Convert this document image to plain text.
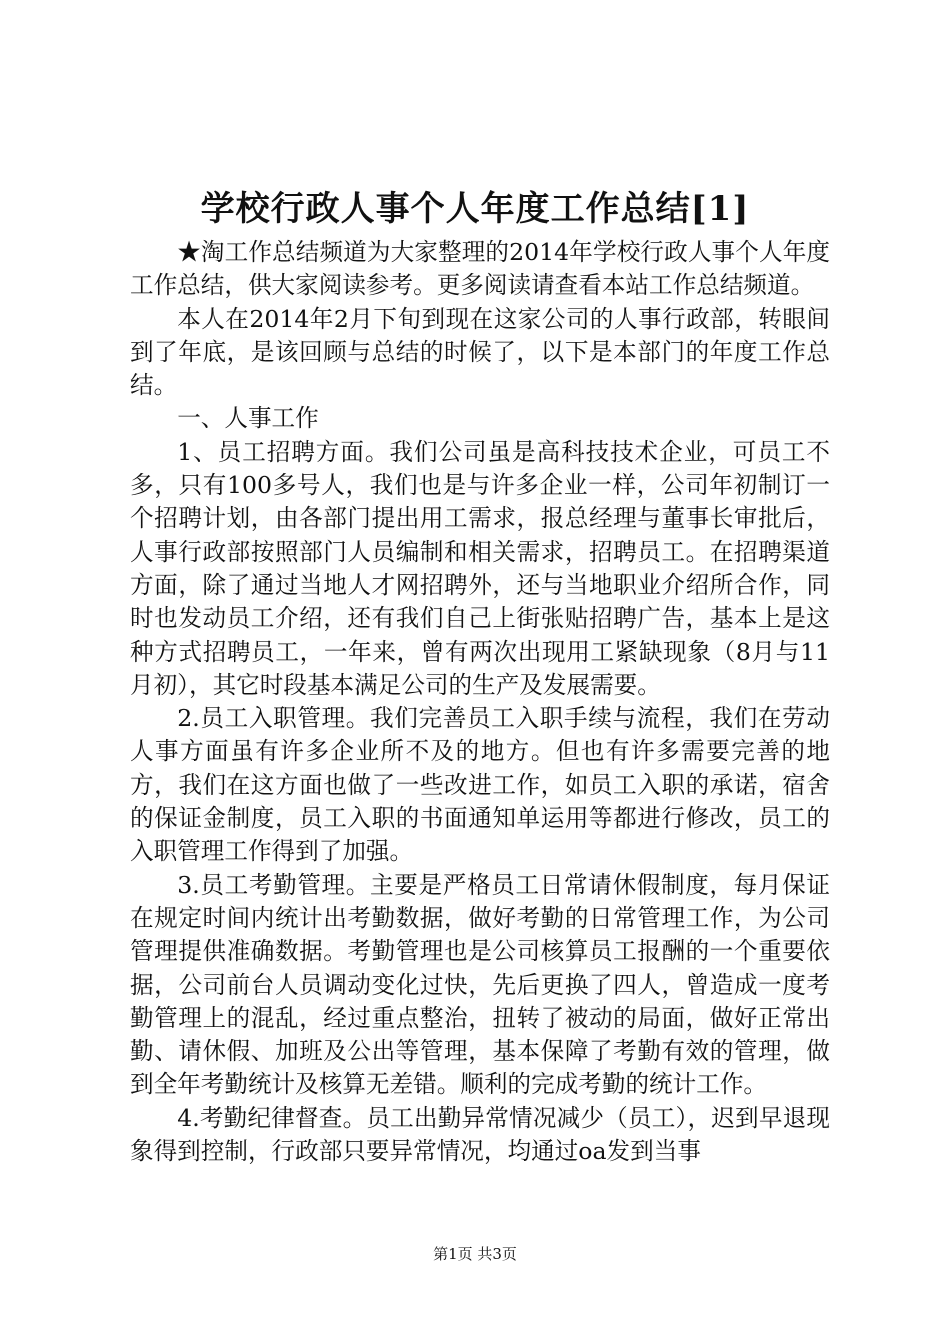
学校行政人事个人年度工作总结[1]

★淘工作总结频道为大家整理的2014年学校行政人事个人年度工作总结，供大家阅读参考。更多阅读请查看本站工作总结频道。

本人在2014年2月下旬到现在这家公司的人事行政部，转眼间到了年底，是该回顾与总结的时候了，以下是本部门的年度工作总结。

一、人事工作

1、员工招聘方面。我们公司虽是高科技技术企业，可员工不多，只有100多号人，我们也是与许多企业一样，公司年初制订一个招聘计划，由各部门提出用工需求，报总经理与董事长审批后，人事行政部按照部门人员编制和相关需求，招聘员工。在招聘渠道方面，除了通过当地人才网招聘外，还与当地职业介绍所合作，同时也发动员工介绍，还有我们自己上街张贴招聘广告，基本上是这种方式招聘员工，一年来，曾有两次出现用工紧缺现象（8月与11月初），其它时段基本满足公司的生产及发展需要。

2.员工入职管理。我们完善员工入职手续与流程，我们在劳动人事方面虽有许多企业所不及的地方。但也有许多需要完善的地方，我们在这方面也做了一些改进工作，如员工入职的承诺，宿舍的保证金制度，员工入职的书面通知单运用等都进行修改，员工的入职管理工作得到了加强。

3.员工考勤管理。主要是严格员工日常请休假制度，每月保证在规定时间内统计出考勤数据，做好考勤的日常管理工作，为公司管理提供准确数据。考勤管理也是公司核算员工报酬的一个重要依据，公司前台人员调动变化过快，先后更换了四人，曾造成一度考勤管理上的混乱，经过重点整治，扭转了被动的局面，做好正常出勤、请休假、加班及公出等管理，基本保障了考勤有效的管理，做到全年考勤统计及核算无差错。顺利的完成考勤的统计工作。

4.考勤纪律督查。员工出勤异常情况减少（员工），迟到早退现象得到控制，行政部只要异常情况，均通过oa发到当事

第1页 共3页
